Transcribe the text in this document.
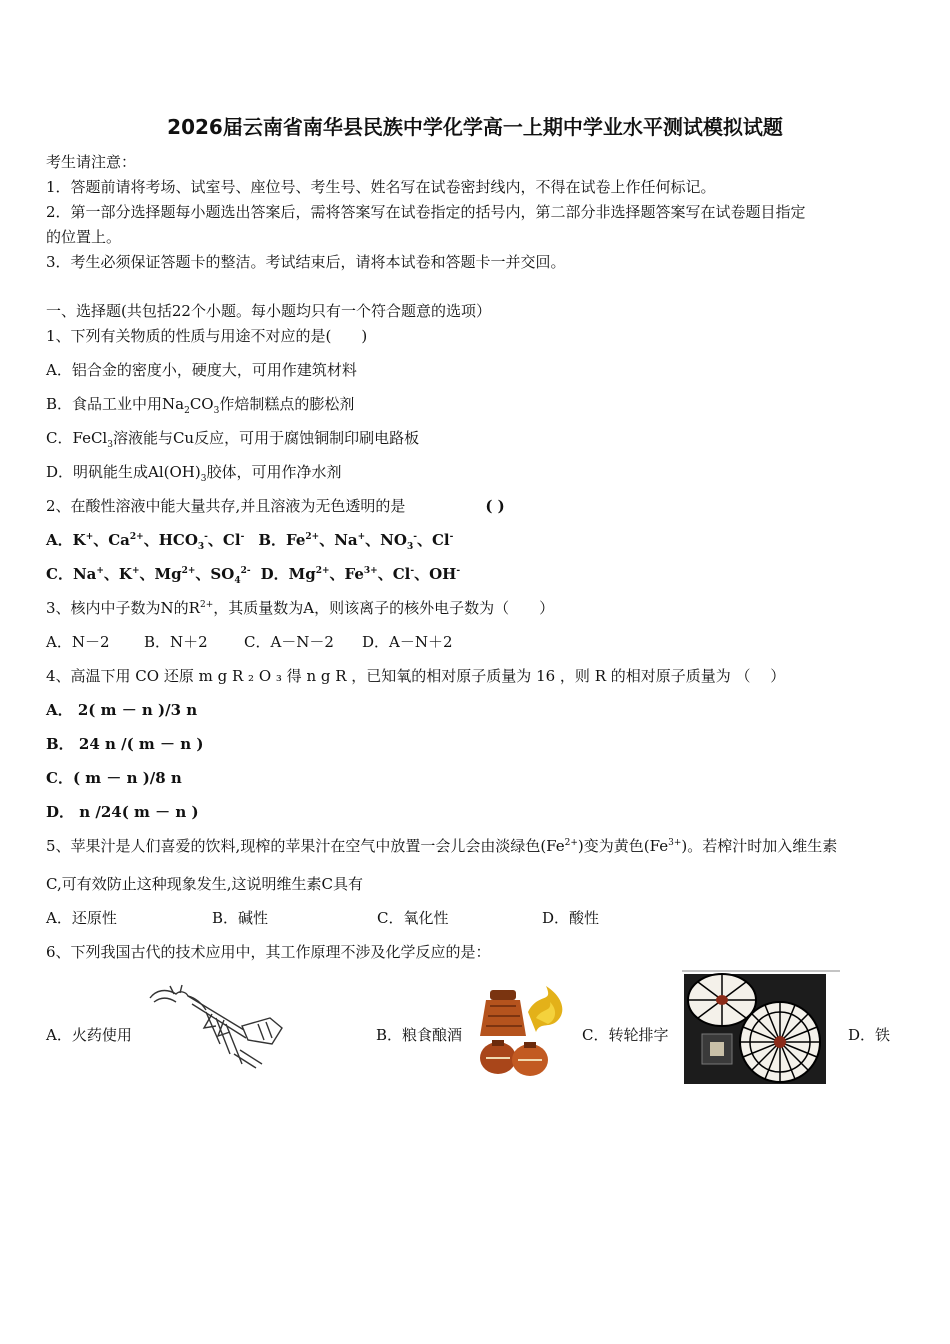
2026届云南省南华县民族中学化学高一上期中学业水平测试模拟试题
考生请注意：
1．答题前请将考场、试室号、座位号、考生号、姓名写在试卷密封线内，不得在试卷上作任何标记。
2．第一部分选择题每小题选出答案后，需将答案写在试卷指定的括号内，第二部分非选择题答案写在试卷题目指定
的位置上。
3．考生必须保证答题卡的整洁。考试结束后，请将本试卷和答题卡一并交回。
一、选择题(共包括22个小题。每小题均只有一个符合题意的选项）
1、下列有关物质的性质与用途不对应的是(　　)
A．铝合金的密度小，硬度大，可用作建筑材料
B．食品工业中用$Na_2CO_3$作焙制糕点的膨松剂
C．FeCl$_3$溶液能与Cu反应，可用于腐蚀铜制印刷电路板
D．明矾能生成$Al(OH)_3$胶体，可用作净水剂
2、在酸性溶液中能大量共存,并且溶液为无色透明的是	( )
A．K+、$Ca^{2+}$、$HCO_3^-$、Cl- B．$Fe^{2+}$、Na+、$NO_3^-$、Cl-
C．Na+、K+、$Mg^{2+}$、$SO_4^{2-}$ D．$Mg^{2+}$、$Fe^{3+}$、Cl-、OH-
3、核内中子数为N的$R^{2+}$，其质量数为A，则该离子的核外电子数为（　　）
A．N－2 B．N＋2 C．A－N－2 D．A－N＋2
4、高温下用 CO 还原 m g R ₂ O ₃ 得 n g R ，已知氧的相对原子质量为 16 ，则 R 的相对原子质量为 （　 ）
A． 2( m － n )/3 n
B． 24 n /( m － n )
C．( m － n )/8 n
D． n /24( m － n )
5、苹果汁是人们喜爱的饮料,现榨的苹果汁在空气中放置一会儿会由淡绿色$(Fe^{2+})$变为黄色$(Fe^{3+})$。若榨汁时加入维生素
C,可有效防止这种现象发生,这说明维生素C具有
A．还原性	B．碱性	C．氧化性	D．酸性
6、下列我国古代的技术应用中，其工作原理不涉及化学反应的是：
A．火药使用	B．粮食酿酒	C．转轮排字	D．铁
